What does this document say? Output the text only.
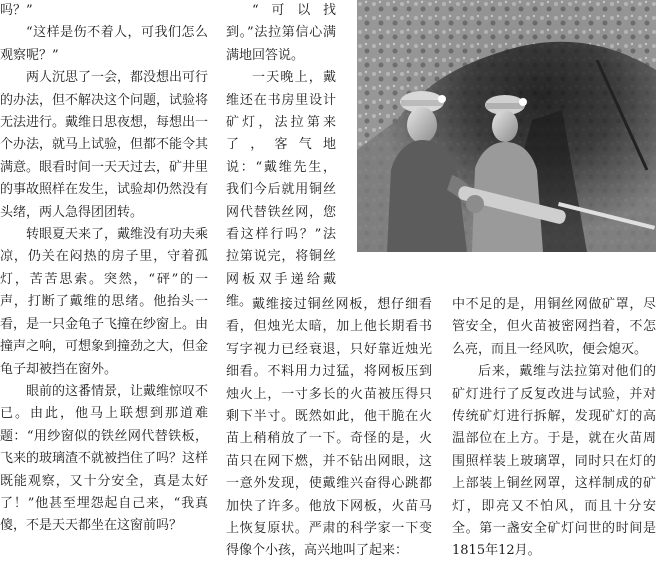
吗？”

“这样是伤不着人，可我们怎么观察呢？”

两人沉思了一会，都没想出可行的办法，但不解决这个问题，试验将无法进行。戴维日思夜想，每想出一个办法，就马上试验，但都不能令其满意。眼看时间一天天过去，矿井里的事故照样在发生，试验却仍然没有头绪，两人急得团团转。

转眼夏天来了，戴维没有功夫乘凉，仍关在闷热的房子里，守着孤灯，苦苦思索。突然，“砰”的一声，打断了戴维的思绪。他抬头一看，是一只金龟子飞撞在纱窗上。由撞声之响，可想象到撞劲之大，但金龟子却被挡在窗外。

眼前的这番情景，让戴维惊叹不已。由此，他马上联想到那道难题：“用纱窗似的铁丝网代替铁板，飞来的玻璃渣不就被挡住了吗？这样既能观察，又十分安全，真是太好了！”他甚至埋怨起自己来，“我真傻，不是天天都坐在这窗前吗？

“可以找到。”法拉第信心满满地回答说。

一天晚上，戴维还在书房里设计矿灯，法拉第来了，客气地说：“戴维先生，我们今后就用铜丝网代替铁丝网，您看这样行吗？”法拉第说完，将铜丝网板双手递给戴维。 戴维接过铜丝网板，想仔细看看，但烛光太暗，加上他长期看书写字视力已经衰退，只好靠近烛光细看。不料用力过猛，将网板压到烛火上，一寸多长的火苗被压得只剩下半寸。既然如此，他干脆在火苗上稍稍放了一下。奇怪的是，火苗只在网下燃，并不钻出网眼，这一意外发现，使戴维兴奋得心跳都加快了许多。他放下网板，火苗马上恢复原状。严肃的科学家一下变得像个小孩，高兴地叫了起来：

中不足的是，用铜丝网做矿罩，尽管安全，但火苗被密网挡着，不怎么亮，而且一经风吹，便会熄灭。

后来，戴维与法拉第对他们的矿灯进行了反复改进与试验，并对传统矿灯进行拆解，发现矿灯的高温部位在上方。于是，就在火苗周围照样装上玻璃罩，同时只在灯的上部装上铜丝网罩，这样制成的矿灯，即亮又不怕风，而且十分安全。第一盏安全矿灯问世的时间是1815年12月。
